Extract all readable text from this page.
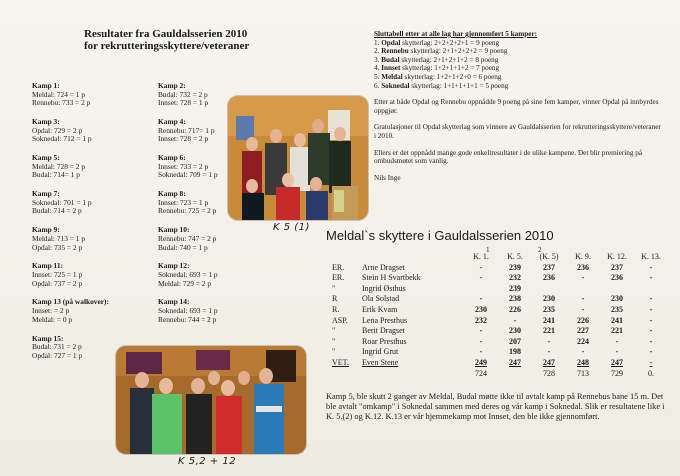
Resultater fra Gauldalsserien 2010
for rekrutteringsskyttere/veteraner
Kamp 1:
Meldal: 724 = 1 p
Rennebu: 733 = 2 p
Kamp 3:
Opdal: 729 = 2 p
Soknedal: 712 = 1 p
Kamp 5:
Meldal: 728 = 2 p
Budal: 714= 1 p
Kamp 7:
Soknedal: 701 = 1 p
Budal: 714 = 2 p
Kamp 9:
Meldal: 713 = 1 p
Opdal: 735 = 2 p
Kamp 11:
Innset: 725 = 1 p
Opdal: 737 = 2 p
Kamp 13 (på walkover):
Innset: = 2 p
Meldal: = 0 p
Kamp 15:
Budal: 731 = 2 p
Opdal: 727 = 1 p
Kamp 2:
Budal: 732 = 2 p
Innset: 728 = 1 p
Kamp 4:
Rennebu: 717= 1 p
Innset: 728 = 2 p
Kamp 6:
Innset: 733 = 2 p
Soknedal: 709 = 1 p
Kamp 8:
Innset: 723 = 1 p
Rennebu: 725 = 2 p
Kamp 10:
Rennebu: 747 = 2 p
Budal: 740 = 1 p
Kamp 12:
Soknedal: 693 = 1 p
Meldal: 729 = 2 p
Kamp 14:
Soknedal: 693 = 1 p
Rennebu: 744 = 2 p
K 5 (1)
K 5,2 + 12
Sluttabell etter at alle lag har gjennomført 5 kamper:
1. Opdal skytterlag: 2+2+2+2+1 = 9 poeng
2. Rennebu skytterlag: 2+1+2+2+2 = 9 poeng
3. Budal skytterlag: 2+1+2+1+2 = 8 poeng
4. Innset skytterlag: 1+2+1+1+2 = 7 poeng
5. Meldal skytterlag: 1+2+1+2+0 = 6 poeng
6. Soknedal skytterlag: 1+1+1+1+1 = 5 poeng
Etter at både Opdal og Rennebu oppnådde 9 poeng på sine fem kamper, vinner Opdal på innbyrdes oppgjør.
Gratulasjoner til Opdal skytterlag som vinnere av Gauldalsserien for rekrutteringsskyttere/veteraner i 2010.
Ellers er det oppnådd mange gode enkeltresultater i de ulike kampene. Det blir premiering på ombudsmøtet som vanlig.
Nils Inge
Meldal`s skyttere i Gauldalsserien 2010
		K. 1.	K. 5.	(K. 5)	K. 9.	K. 12.	K. 13.
ER.	Arne Dragset	-	239	237	236	237	-
ER.	Stein H Svartbekk	-	232	236	-	236	-
"	Ingrid Østhus		239				
R	Ola Solstad	-	238	230	-	230	-
R.	Erik Kvam	230	226	235	-	235	-
ASP.	Lena Presthus	232	-	241	226	241	-
"	Berit Dragset	-	230	221	227	221	-
"	Roar Presthus	-	207	-	224	-	-
"	Ingrid Grut	-	198	-	-	-	-
VET.	Even Stene	249	247	247	248	247	-
		724		728	713	729	0.
1	2
Kamp 5, ble skutt 2 ganger av Meldal, Budal møtte ikke til avtalt kamp på Rennebus bane 15 m. Det ble avtalt "omkamp" i Soknedal sammen med deres og vår kamp i Soknedal. Slik er resultatene like i K. 5.(2) og K.12. K.13 er vår hjemmekamp mot Innset, den ble ikke gjennomført.
